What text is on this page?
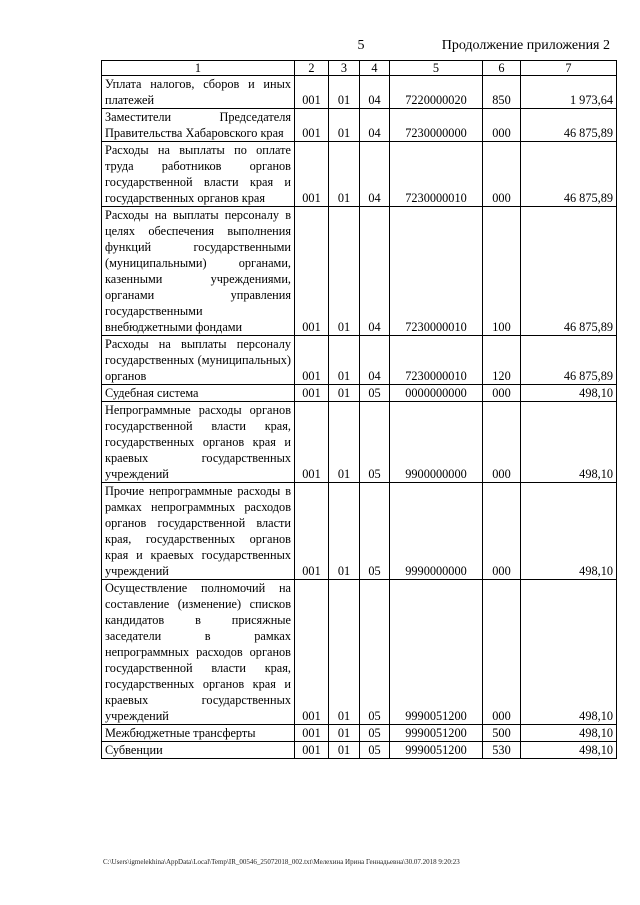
5	Продолжение приложения 2
1	2	3	4	5	6	7
Уплата налогов, сборов и иных платежей	001	01	04	7220000020	850	1 973,64
Заместители Председателя Правительства Хабаровского края	001	01	04	7230000000	000	46 875,89
Расходы на выплаты по оплате труда работников органов государственной власти края и государственных органов края	001	01	04	7230000010	000	46 875,89
Расходы на выплаты персоналу в целях обеспечения выполнения функций государственными (муниципальными) органами, казенными учреждениями, органами управления государственными внебюджетными фондами	001	01	04	7230000010	100	46 875,89
Расходы на выплаты персоналу государственных (муниципальных) органов	001	01	04	7230000010	120	46 875,89
Судебная система	001	01	05	0000000000	000	498,10
Непрограммные расходы органов государственной власти края, государственных органов края и краевых государственных учреждений	001	01	05	9900000000	000	498,10
Прочие непрограммные расходы в рамках непрограммных расходов органов государственной власти края, государственных органов края и краевых государственных учреждений	001	01	05	9990000000	000	498,10
Осуществление полномочий на составление (изменение) списков кандидатов в присяжные заседатели в рамках непрограммных расходов органов государственной власти края, государственных органов края и краевых государственных учреждений	001	01	05	9990051200	000	498,10
Межбюджетные трансферты	001	01	05	9990051200	500	498,10
Субвенции	001	01	05	9990051200	530	498,10
C:\Users\igmelekhina\AppData\Local\Temp\IR_00546_25072018_002.txt\Мелехина Ирина Геннадьевна\30.07.2018 9:20:23
